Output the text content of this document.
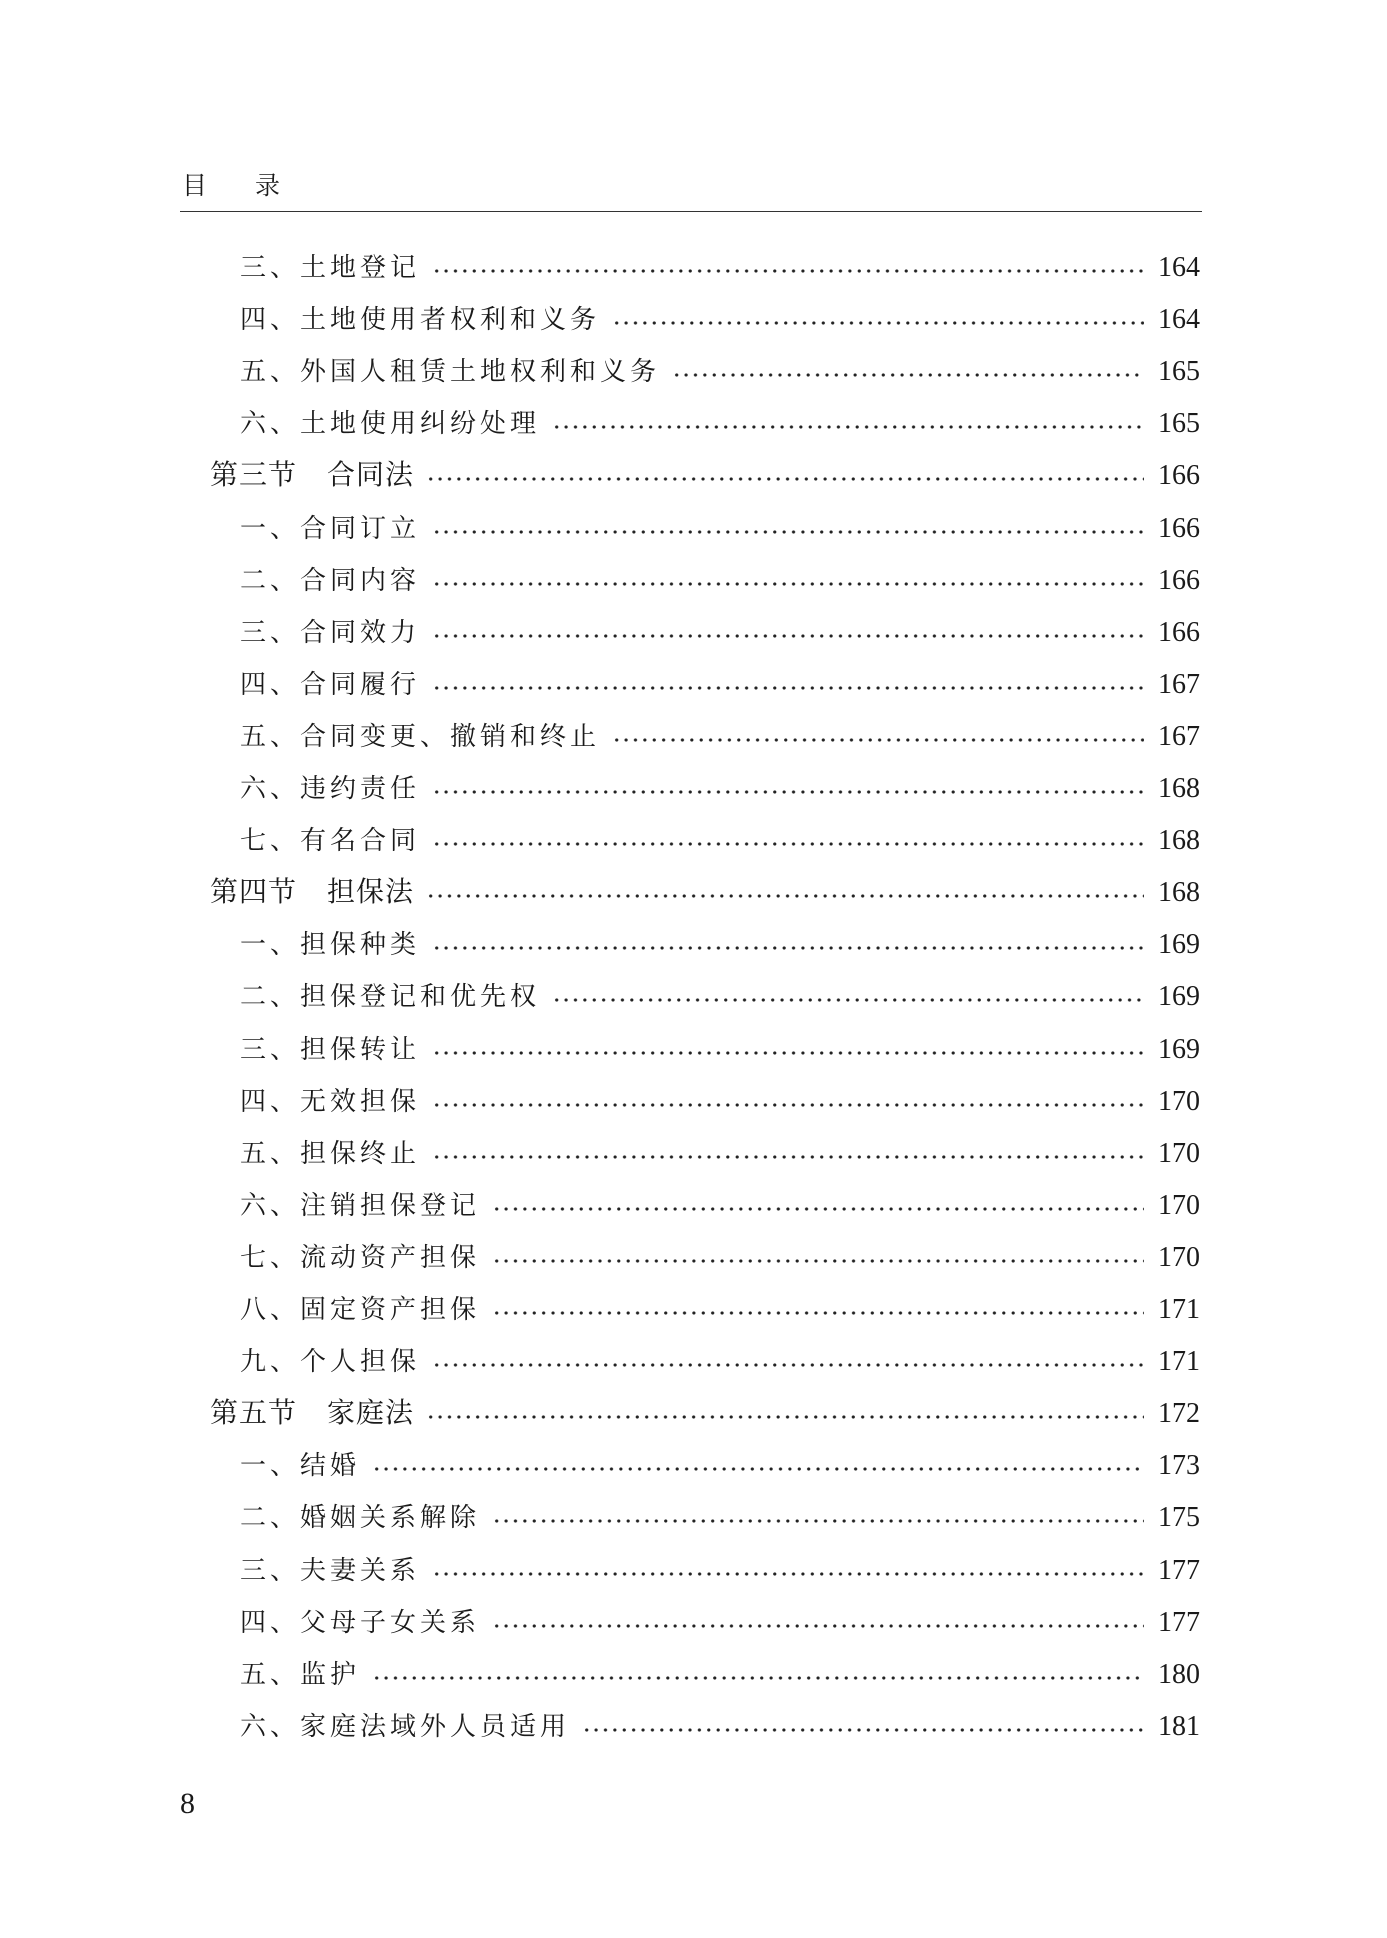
目 录
三、土地登记	164
四、土地使用者权利和义务	164
五、外国人租赁土地权利和义务	165
六、土地使用纠纷处理	165
第三节 合同法	166
一、合同订立	166
二、合同内容	166
三、合同效力	166
四、合同履行	167
五、合同变更、撤销和终止	167
六、违约责任	168
七、有名合同	168
第四节 担保法	168
一、担保种类	169
二、担保登记和优先权	169
三、担保转让	169
四、无效担保	170
五、担保终止	170
六、注销担保登记	170
七、流动资产担保	170
八、固定资产担保	171
九、个人担保	171
第五节 家庭法	172
一、结婚	173
二、婚姻关系解除	175
三、夫妻关系	177
四、父母子女关系	177
五、监护	180
六、家庭法域外人员适用	181
8
